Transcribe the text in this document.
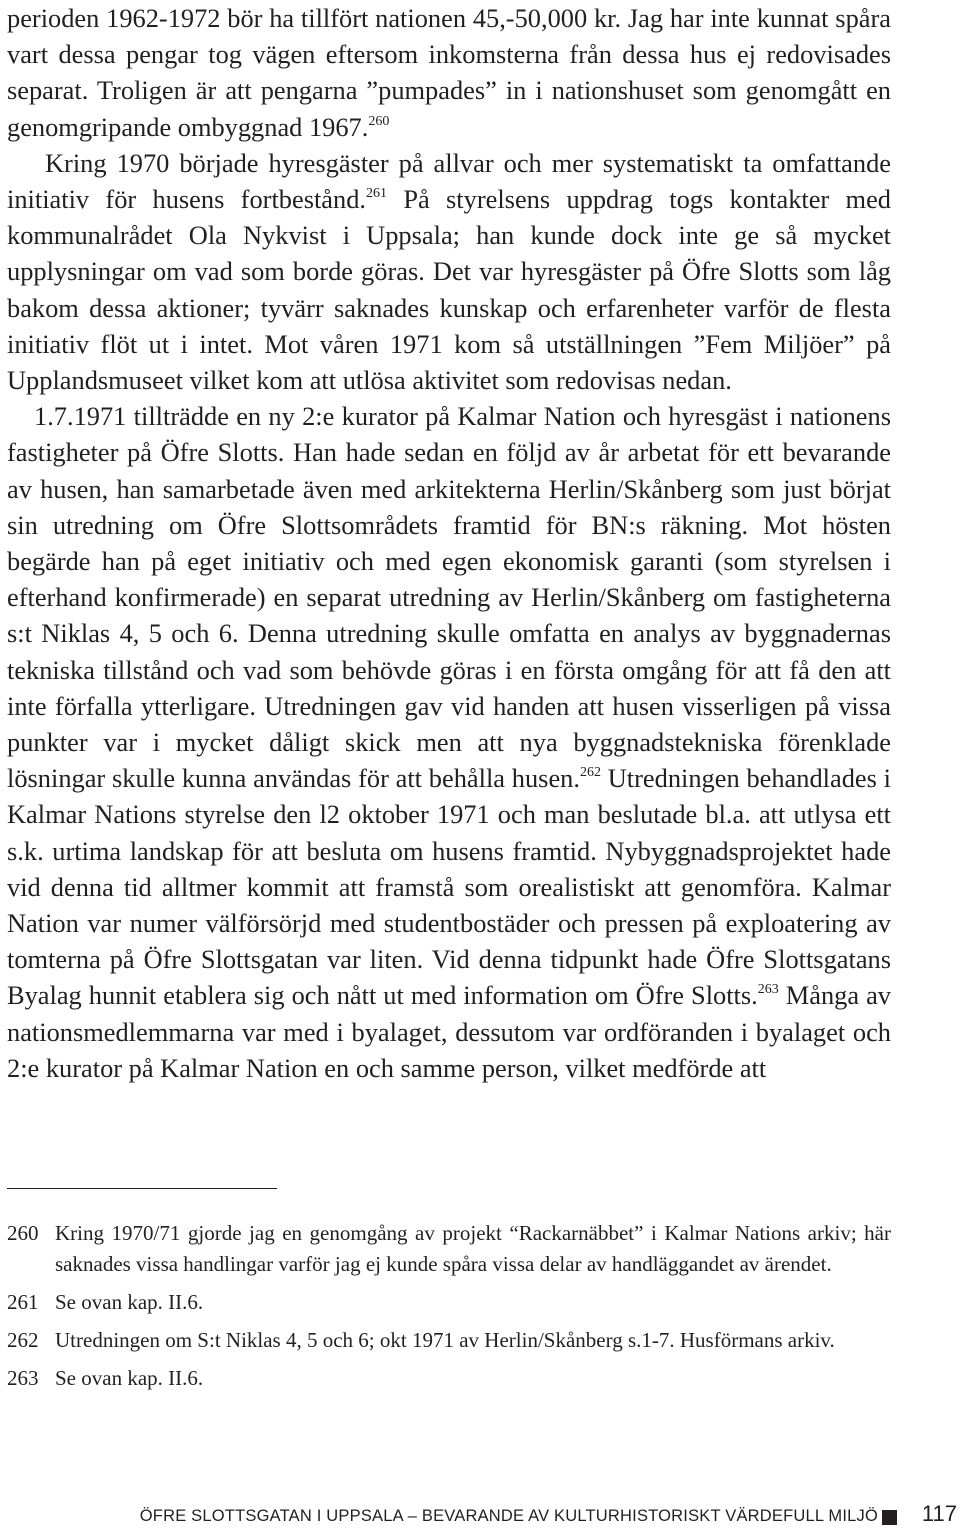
perioden 1962-1972 bör ha tillfört nationen 45,-50,000 kr. Jag har inte kunnat spåra vart dessa pengar tog vägen eftersom inkomsterna från dessa hus ej redovisades separat. Troligen är att pengarna ”pumpades” in i nationshuset som genomgått en genomgripande ombyggnad 1967.$^{260}$

Kring 1970 började hyresgäster på allvar och mer systematiskt ta omfattande initiativ för husens fortbestånd.$^{261}$ På styrelsens uppdrag togs kontakter med kommunalrådet Ola Nykvist i Uppsala; han kunde dock inte ge så mycket upplysningar om vad som borde göras. Det var hyresgäster på Öfre Slotts som låg bakom dessa aktioner; tyvärr saknades kunskap och erfarenheter varför de flesta initiativ flöt ut i intet. Mot våren 1971 kom så utställningen ”Fem Miljöer” på Upplandsmuseet vilket kom att utlösa aktivitet som redovisas nedan.

1.7.1971 tillträdde en ny 2:e kurator på Kalmar Nation och hyresgäst i nationens fastigheter på Öfre Slotts. Han hade sedan en följd av år arbetat för ett bevarande av husen, han samarbetade även med arkitekterna Herlin/Skånberg som just börjat sin utredning om Öfre Slottsområdets framtid för BN:s räkning. Mot hösten begärde han på eget initiativ och med egen ekonomisk garanti (som styrelsen i efterhand konfirmerade) en separat utredning av Herlin/Skånberg om fastigheterna s:t Niklas 4, 5 och 6. Denna utredning skulle omfatta en analys av byggnadernas tekniska tillstånd och vad som behövde göras i en första omgång för att få den att inte förfalla ytterligare. Utredningen gav vid handen att husen visserligen på vissa punkter var i mycket dåligt skick men att nya byggnadstekniska förenklade lösningar skulle kunna användas för att behålla husen.$^{262}$ Utredningen behandlades i Kalmar Nations styrelse den l2 oktober 1971 och man beslutade bl.a. att utlysa ett s.k. urtima landskap för att besluta om husens framtid. Nybyggnadsprojektet hade vid denna tid alltmer kommit att framstå som orealistiskt att genomföra. Kalmar Nation var numer välförsörjd med studentbostäder och pressen på exploatering av tomterna på Öfre Slottsgatan var liten. Vid denna tidpunkt hade Öfre Slottsgatans Byalag hunnit etablera sig och nått ut med information om Öfre Slotts.$^{263}$ Många av nationsmedlemmarna var med i byalaget, dessutom var ordföranden i byalaget och 2:e kurator på Kalmar Nation en och samme person, vilket medförde att

260 Kring 1970/71 gjorde jag en genomgång av projekt “Rackarnäbbet” i Kalmar Nations arkiv; här saknades vissa handlingar varför jag ej kunde spåra vissa delar av handläggandet av ärendet.
261 Se ovan kap. II.6.
262 Utredningen om S:t Niklas 4, 5 och 6; okt 1971 av Herlin/Skånberg s.1-7. Husförmans arkiv.
263 Se ovan kap. II.6.
ÖFRE SLOTTSGATAN I UPPSALA – BEVARANDE AV KULTURHISTORISKT VÄRDEFULL MILJÖ 117
